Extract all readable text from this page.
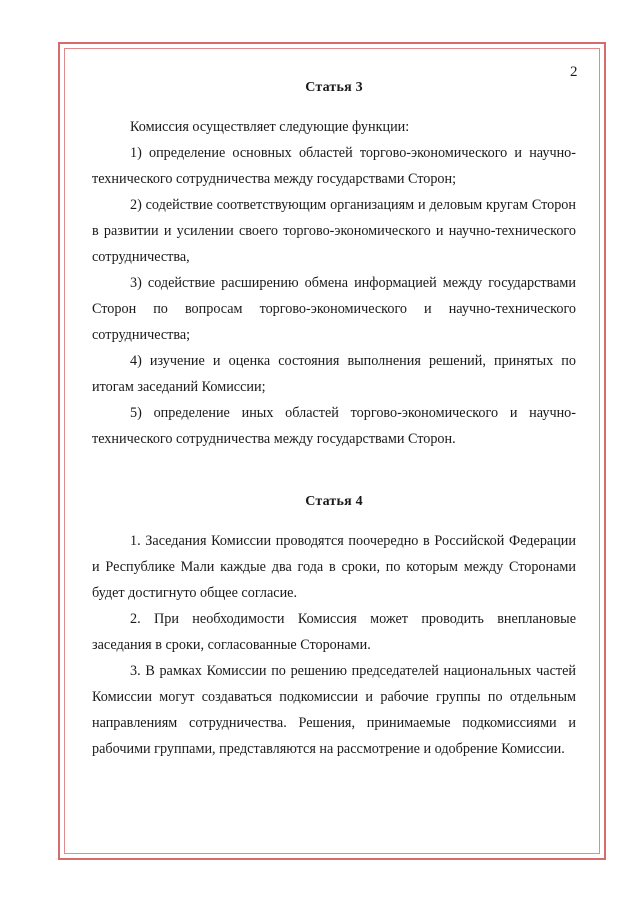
2
Статья 3

Комиссия осуществляет следующие функции:

1) определение основных областей торгово-экономического и научно-технического сотрудничества между государствами Сторон;

2) содействие соответствующим организациям и деловым кругам Сторон в развитии и усилении своего торгово-экономического и научно-технического сотрудничества,

3) содействие расширению обмена информацией между государствами Сторон по вопросам торгово-экономического и научно-технического сотрудничества;

4) изучение и оценка состояния выполнения решений, принятых по итогам заседаний Комиссии;

5) определение иных областей торгово-экономического и научно-технического сотрудничества между государствами Сторон.

Статья 4

1. Заседания Комиссии проводятся поочередно в Российской Федерации и Республике Мали каждые два года в сроки, по которым между Сторонами будет достигнуто общее согласие.

2. При необходимости Комиссия может проводить внеплановые заседания в сроки, согласованные Сторонами.

3. В рамках Комиссии по решению председателей национальных частей Комиссии могут создаваться подкомиссии и рабочие группы по отдельным направлениям сотрудничества. Решения, принимаемые подкомиссиями и рабочими группами, представляются на рассмотрение и одобрение Комиссии.
